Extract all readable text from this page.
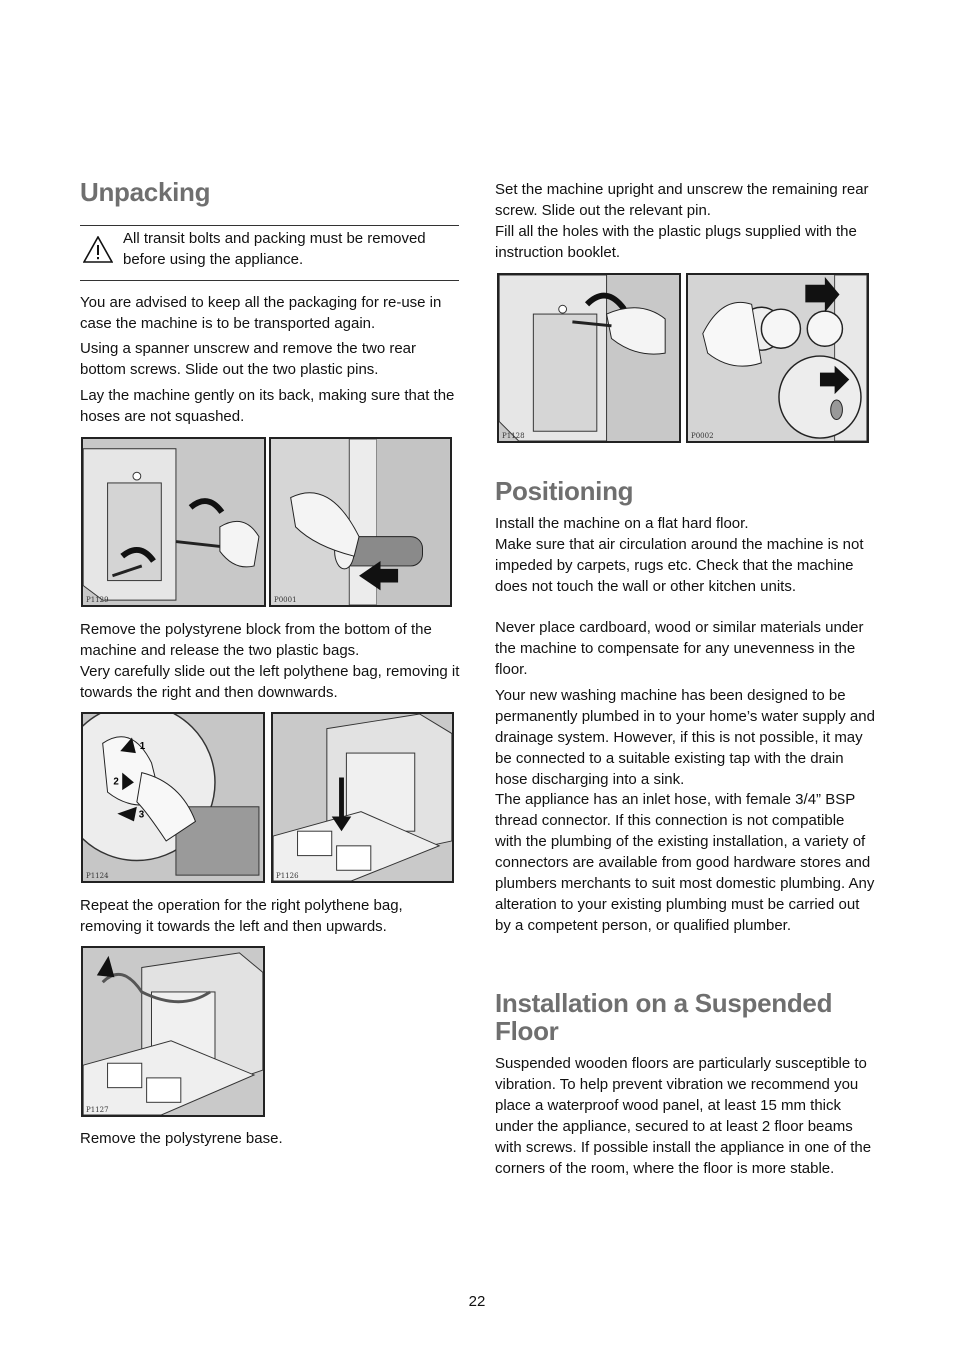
Unpacking

All transit bolts and packing must be removed before using the appliance.

You are advised to keep all the packaging for re-use in case the machine is to be transported again.

Using a spanner unscrew and remove the two rear bottom screws. Slide out the two plastic pins.

Lay the machine gently on its back, making sure that the hoses are not squashed.

P1129	P0001

Remove the polystyrene block from the bottom of the machine and release the two plastic bags.

Very carefully slide out the left polythene bag, removing it towards the right and then downwards.

1
2
3
P1124	P1126

Repeat the operation for the right polythene bag, removing it towards the left and then upwards.

P1127

Remove the polystyrene base.

Set the machine upright and unscrew the remaining rear screw. Slide out the relevant pin.

Fill all the holes with the plastic plugs supplied with the instruction booklet.

P1128	P0002
Positioning

Install the machine on a flat hard floor.

Make sure that air circulation around the machine is not impeded by carpets, rugs etc. Check that the machine does not touch the wall or other kitchen units.

Never place cardboard, wood or similar materials under the machine to compensate for any unevenness in the floor.

Your new washing machine has been designed to be permanently plumbed in to your home’s water supply and drainage system. However, if this is not possible, it may be connected to a suitable existing tap with the drain hose discharging into a sink.

The appliance has an inlet hose, with female 3/4” BSP thread connector. If this connection is not compatible with the plumbing of the existing installation, a variety of connectors are available from good hardware stores and plumbers merchants to suit most domestic plumbing. Any alteration to your existing plumbing must be carried out by a competent person, or qualified plumber.

Installation on a Suspended Floor

Suspended wooden floors are particularly susceptible to vibration. To help prevent vibration we recommend you place a waterproof wood panel, at least 15 mm thick under the appliance, secured to at least 2 floor beams with screws. If possible install the appliance in one of the corners of the room, where the floor is more stable.

22
